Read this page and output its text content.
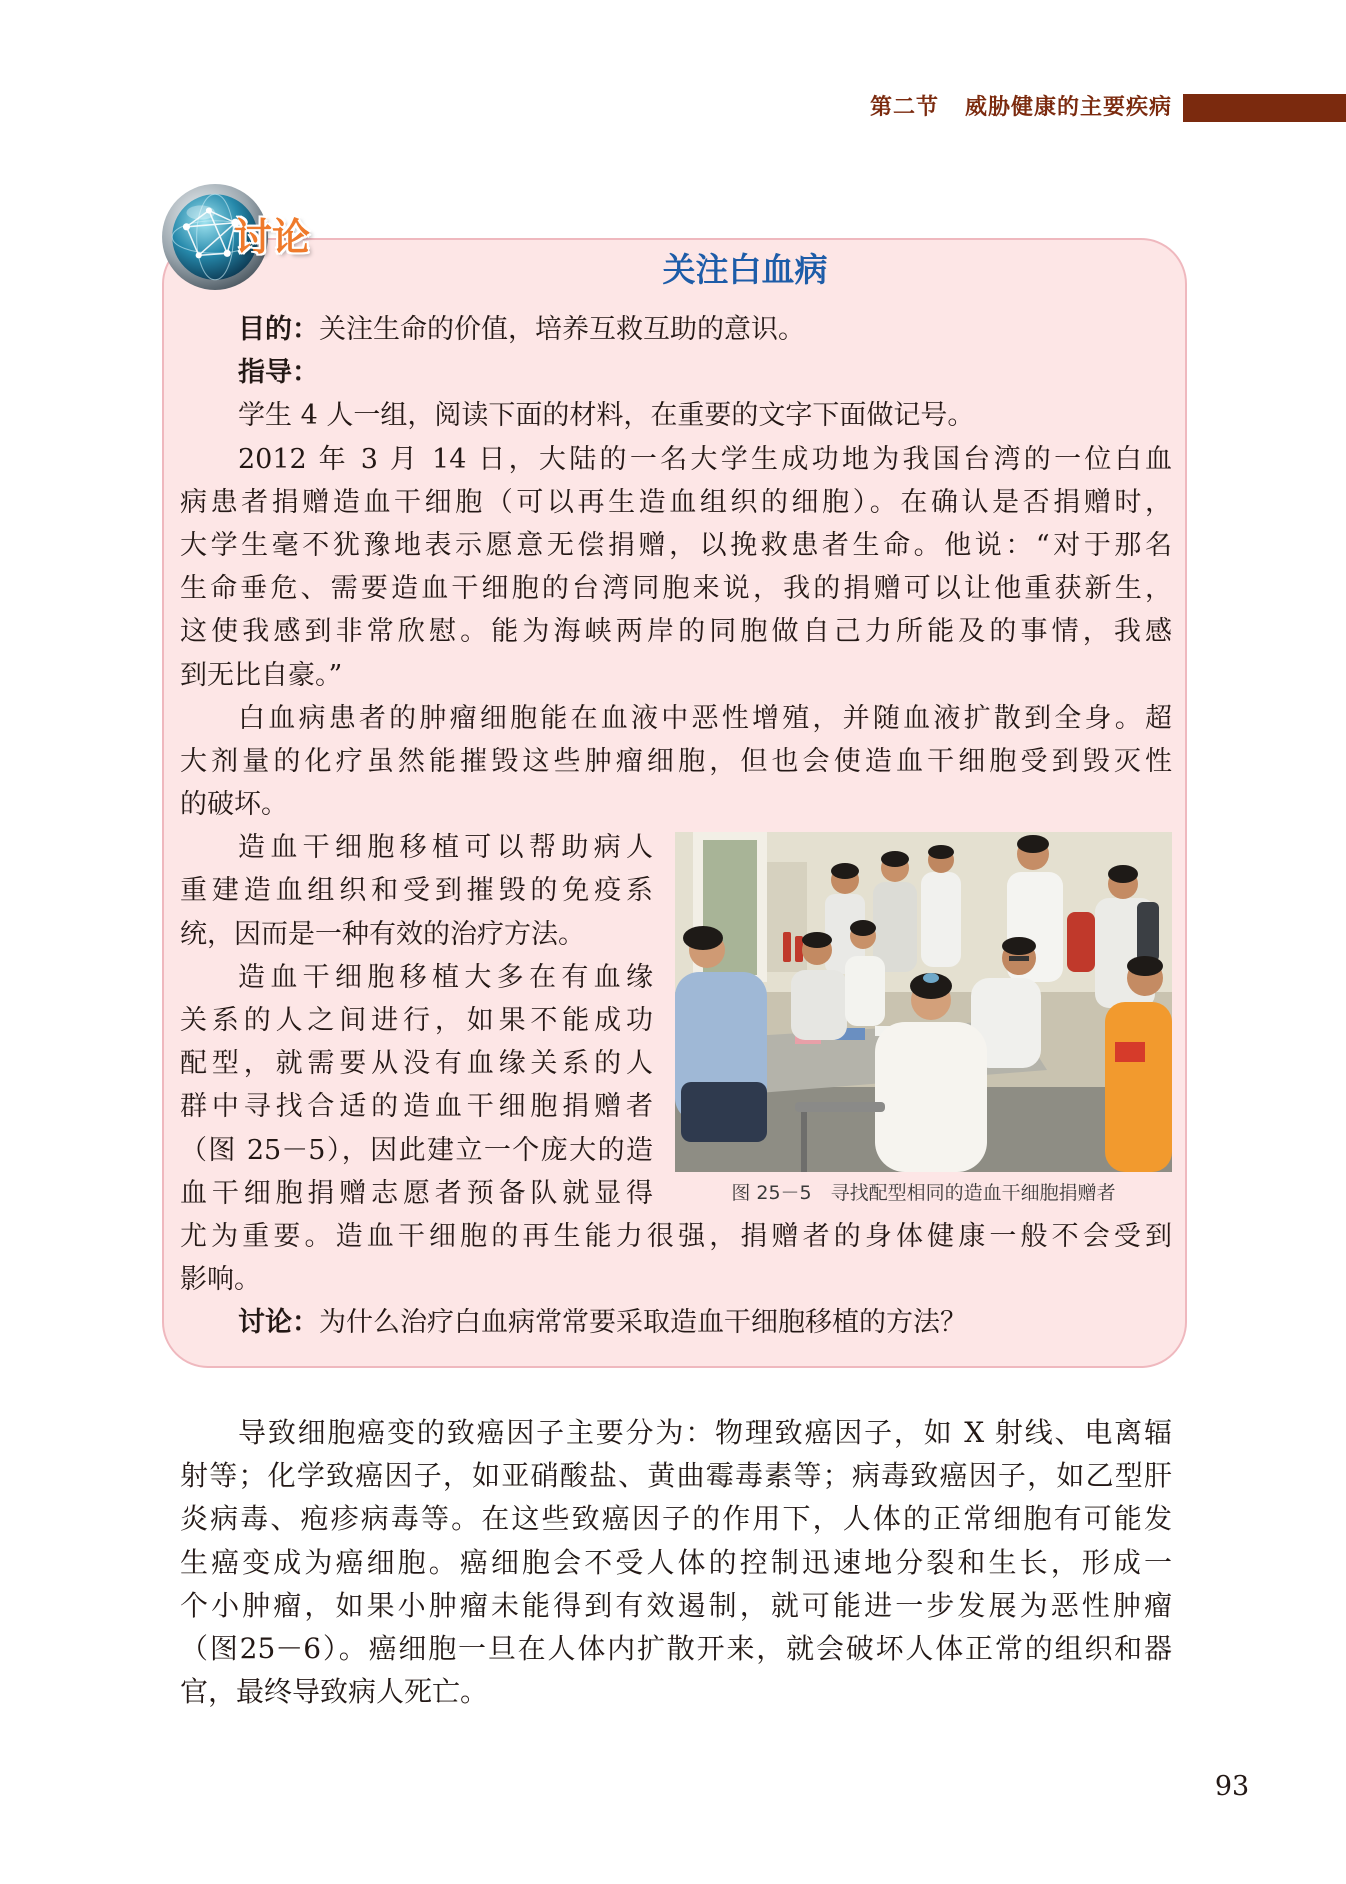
第二节 威胁健康的主要疾病
讨论
关注白血病
目的：关注生命的价值，培养互救互助的意识。
指导：
学生 4 人一组，阅读下面的材料，在重要的文字下面做记号。
2012 年 3 月 14 日，大陆的一名大学生成功地为我国台湾的一位白血
病患者捐赠造血干细胞（可以再生造血组织的细胞）。在确认是否捐赠时，
大学生毫不犹豫地表示愿意无偿捐赠，以挽救患者生命。他说：“对于那名
生命垂危、需要造血干细胞的台湾同胞来说，我的捐赠可以让他重获新生，
这使我感到非常欣慰。能为海峡两岸的同胞做自己力所能及的事情，我感
到无比自豪。”
白血病患者的肿瘤细胞能在血液中恶性增殖，并随血液扩散到全身。超
大剂量的化疗虽然能摧毁这些肿瘤细胞，但也会使造血干细胞受到毁灭性
的破坏。
造血干细胞移植可以帮助病人
重建造血组织和受到摧毁的免疫系
统，因而是一种有效的治疗方法。
造血干细胞移植大多在有血缘
关系的人之间进行，如果不能成功
配型，就需要从没有血缘关系的人
群中寻找合适的造血干细胞捐赠者
（图 25－5），因此建立一个庞大的造
血干细胞捐赠志愿者预备队就显得
尤为重要。造血干细胞的再生能力很强，捐赠者的身体健康一般不会受到
影响。
讨论：为什么治疗白血病常常要采取造血干细胞移植的方法？
图 25－5　寻找配型相同的造血干细胞捐赠者
导致细胞癌变的致癌因子主要分为：物理致癌因子，如 X 射线、电离辐
射等；化学致癌因子，如亚硝酸盐、黄曲霉毒素等；病毒致癌因子，如乙型肝
炎病毒、疱疹病毒等。在这些致癌因子的作用下，人体的正常细胞有可能发
生癌变成为癌细胞。癌细胞会不受人体的控制迅速地分裂和生长，形成一
个小肿瘤，如果小肿瘤未能得到有效遏制，就可能进一步发展为恶性肿瘤
（图25－6）。癌细胞一旦在人体内扩散开来，就会破坏人体正常的组织和器
官，最终导致病人死亡。
93
